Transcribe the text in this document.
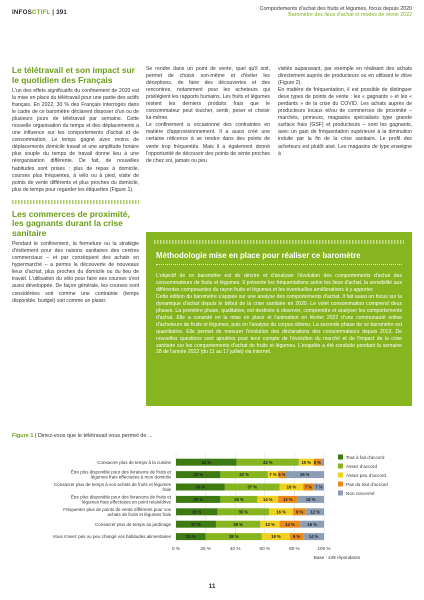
INFOSCTIFL | 391	Comportements d'achat des fruits et légumes, focus depuis 2020
Baromètre des lieux d'achat et modes de vente 2022
Le télétravail et son impact sur le quotidien des Français

L'un des effets significatifs du confinement de 2020 est la mise en place du télétravail pour une partie des actifs français. En 2022, 30 % des Français interrogés dans le cadre de ce baromètre déclarent disposer d'un ou de plusieurs jours de télétravail par semaine. Cette nouvelle organisation du temps et des déplacements a une influence sur les comportements d'achat et de consommation. Le temps gagné avec moins de déplacements domicile travail et une amplitude horaire plus souple du temps de travail donne lieu à une réorganisation différente. De fait, de nouvelles habitudes sont prises : plus de repas à domicile, courses plus fréquentes, à vélo ou à pied, visite de points de vente différents et plus proches du domicile, plus de temps pour regarder les étiquettes (Figure 1).

Les commerces de proximité, les gagnants durant la crise sanitaire

Pendant le confinement, la fermeture ou la stratégie d'évitement pour des raisons sanitaires des centres commerciaux – et par conséquent des achats en hypermarché – a permis la découverte de nouveaux lieux d'achat, plus proches du domicile ou du lieu de travail. L'utilisation du vélo pour faire ses courses s'est aussi développée. De façon générale, les courses sont considérées soit comme une contrainte (temps disponible, budget) soit comme un plaisir.

Se rendre dans un point de vente, quel qu'il soit, permet de choisir son-même et d'éviter les déceptions, de faire des découvertes et des rencontres, notamment pour les acheteurs qui privilégient les rapports humains. Les fruits et légumes restent les derniers produits frais que le consommateur peut toucher, sentir, peser et choisir lui-même.

Le confinement a occasionné des contraintes en matière d'approvisionnement. Il a aussi créé une certaine réticence à se rendre dans des points de vente trop fréquentés. Mais il a également donné l'opportunité de découvrir des points de vente proches de chez soi, jamais ou peu

visités auparavant, par exemple en réalisant des achats directement auprès de producteurs ou en utilisant le drive (Figure 2).

En matière de fréquentation, il est possible de distinguer deux types de points de vente : les « gagnants » et les « perdants » de la crise du COVID. Les achats auprès de producteurs locaux et/ou de commerces de proximité – marchés, primeurs, magasins spécialisés type grande surface frais (GSF) et producteurs – sont les gagnants, avec un gain de fréquentation supérieure à la diminution induite par la fin de la crise sanitaire. Le profil des acheteurs est plutôt aisé. Les magasins de type enseigne à

Méthodologie mise en place pour réaliser ce baromètre

L'objectif de ce baromètre est de décrire et d'analyser l'évolution des comportements d'achat des consommateurs de fruits et légumes. Il présente les fréquentations selon les lieux d'achat, la sensibilité aux différentes composantes du rayon fruits et légumes et les éventuelles améliorations à y apporter.

Cette édition du baromètre s'appuie sur une analyse des comportements d'achat. Il fait aussi un focus sur la dynamique d'achat depuis le début de la crise sanitaire en 2020. Le volet consommation comprend deux phases. La première phase, qualitative, est destinée à observer, comprendre et analyser les comportements d'achat. Elle a consisté en la mise en place et l'animation en février 2022 d'une communauté online d'acheteurs de fruits et légumes, puis en l'analyse du corpus obtenu. La seconde phase de ce baromètre est quantitative. Elle permet de mesurer l'évolution des déclarations des consommateurs depuis 2013. De nouvelles questions sont ajoutées pour tenir compte de l'évolution du marché et de l'impact de la crise sanitaire sur les comportements d'achat de fruits et légumes. L'enquête a été conduite pendant la semaine 28 de l'année 2022 (du 11 au 17 juillet) via internet.

Figure 1 | Diriez-vous que le télétravail vous permet de ...
0 %	20 %	40 %	60 %	80 %	100 %
Consacrer plus de temps à la cuisine	41 %	42 %	10 % 5 %
Être plus disponible pour des livraisons de fruits et
légumes frais effectuées à mon domicile	30 %	32 %	7 % 5 %	26 %
Consacrer plus de temps à vos achats de fruits et légumes
frais	33 %	37 %	16 % 7 % 7 %
Être plus disponible pour des livraisons de fruits et
légumes frais effectuées en point relais/drive	30 %	25 %	14 % 13 %	18 %
Fréquenter plus de points de vente différents pour vos
achats de fruits et légumes frais	28 %	35 %	16 % 9 % 12 %
Consacrer plus de temps au jardinage	27 %	30 %	13 % 14 %	16 %
Vous n'avez pas ou peu changé vos habitudes alimentaires	20 %	38 %	19 %	9 % 14 %
Tout à fait d'accord
Assez d'accord
Assez peu d'accord
Pas du tout d'accord
Non concerné
Base : 449 répondants
11
